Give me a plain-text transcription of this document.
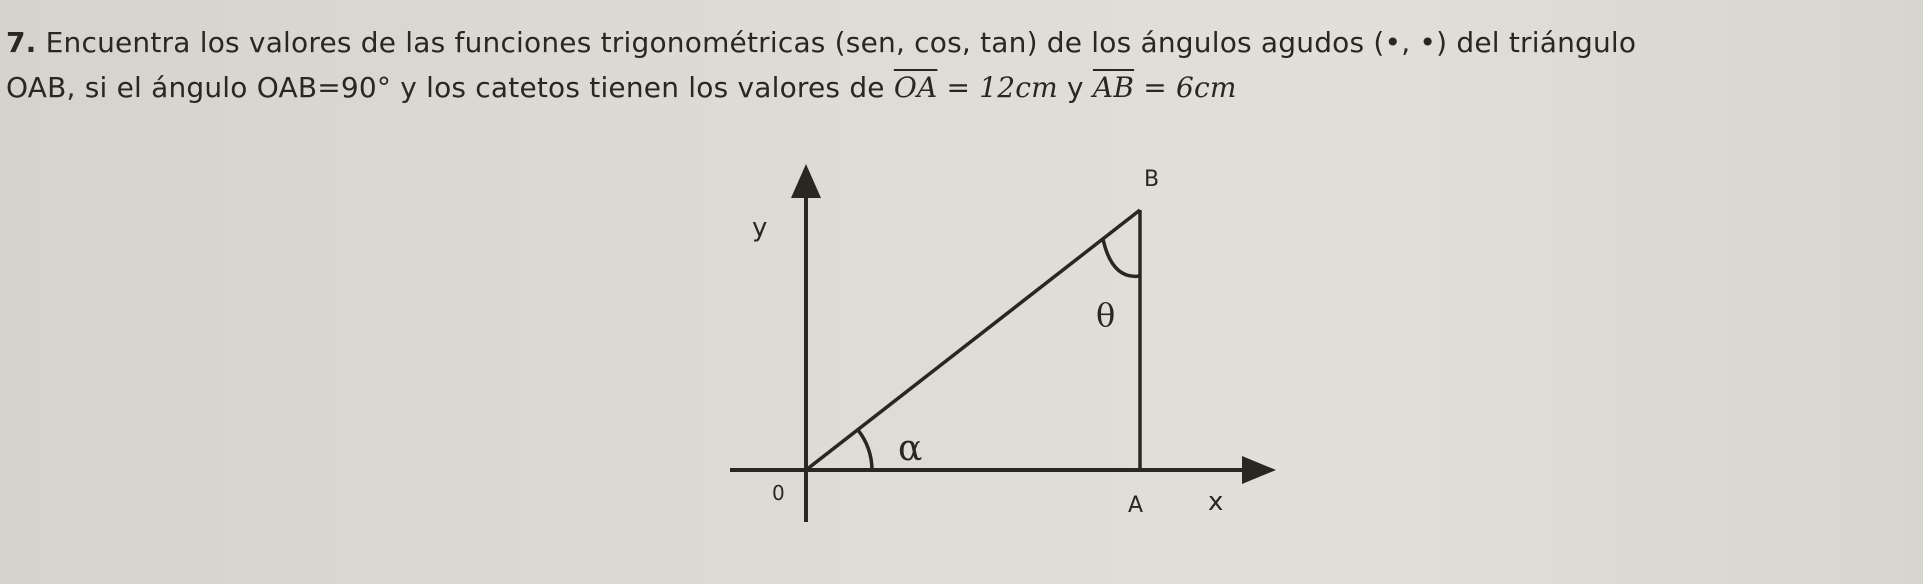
7. Encuentra los valores de las funciones trigonométricas (sen, cos, tan) de los ángulos agudos (•, •) del triángulo
OAB, si el ángulo OAB=90° y los catetos tienen los valores de $\overline{OA} = 12cm$ y $\overline{AB} = 6cm$
y
x
0	A
B
α
θ
